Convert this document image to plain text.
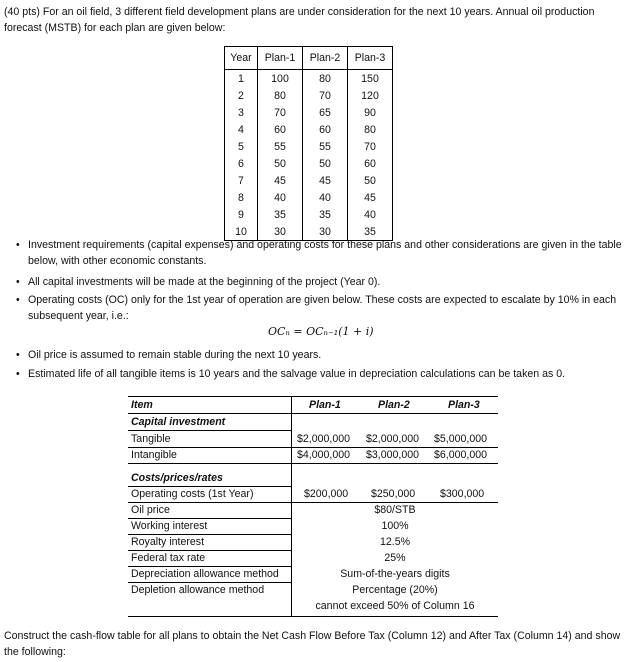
(40 pts) For an oil field, 3 different field development plans are under consideration for the next 10 years. Annual oil production forecast (MSTB) for each plan are given below:

Year	Plan-1	Plan-2	Plan-3
1	100	80	150
2	80	70	120
3	70	65	90
4	60	60	80
5	55	55	70
6	50	50	60
7	45	45	50
8	40	40	45
9	35	35	40
10	30	30	35
• Investment requirements (capital expenses) and operating costs for these plans and other considerations are given in the table below, with other economic constants.
• All capital investments will be made at the beginning of the project (Year 0).
• Operating costs (OC) only for the 1st year of operation are given below. These costs are expected to escalate by 10% in each subsequent year, i.e.:
OCₙ = OCₙ₋₁(1 + i)
• Oil price is assumed to remain stable during the next 10 years.
• Estimated life of all tangible items is 10 years and the salvage value in depreciation calculations can be taken as 0.
Item	Plan-1	Plan-2	Plan-3
Capital investment
Tangible	$2,000,000 $2,000,000 $5,000,000
Intangible	$4,000,000 $3,000,000 $6,000,000
Costs/prices/rates
Operating costs (1st Year)	$200,000 $250,000 $300,000
Oil price	$80/STB
Working interest	100%
Royalty interest	12.5%
Federal tax rate	25%
Depreciation allowance method	Sum-of-the-years digits
Depletion allowance method	Percentage (20%)
cannot exceed 50% of Column 16

Construct the cash-flow table for all plans to obtain the Net Cash Flow Before Tax (Column 12) and After Tax (Column 14) and show the following:
